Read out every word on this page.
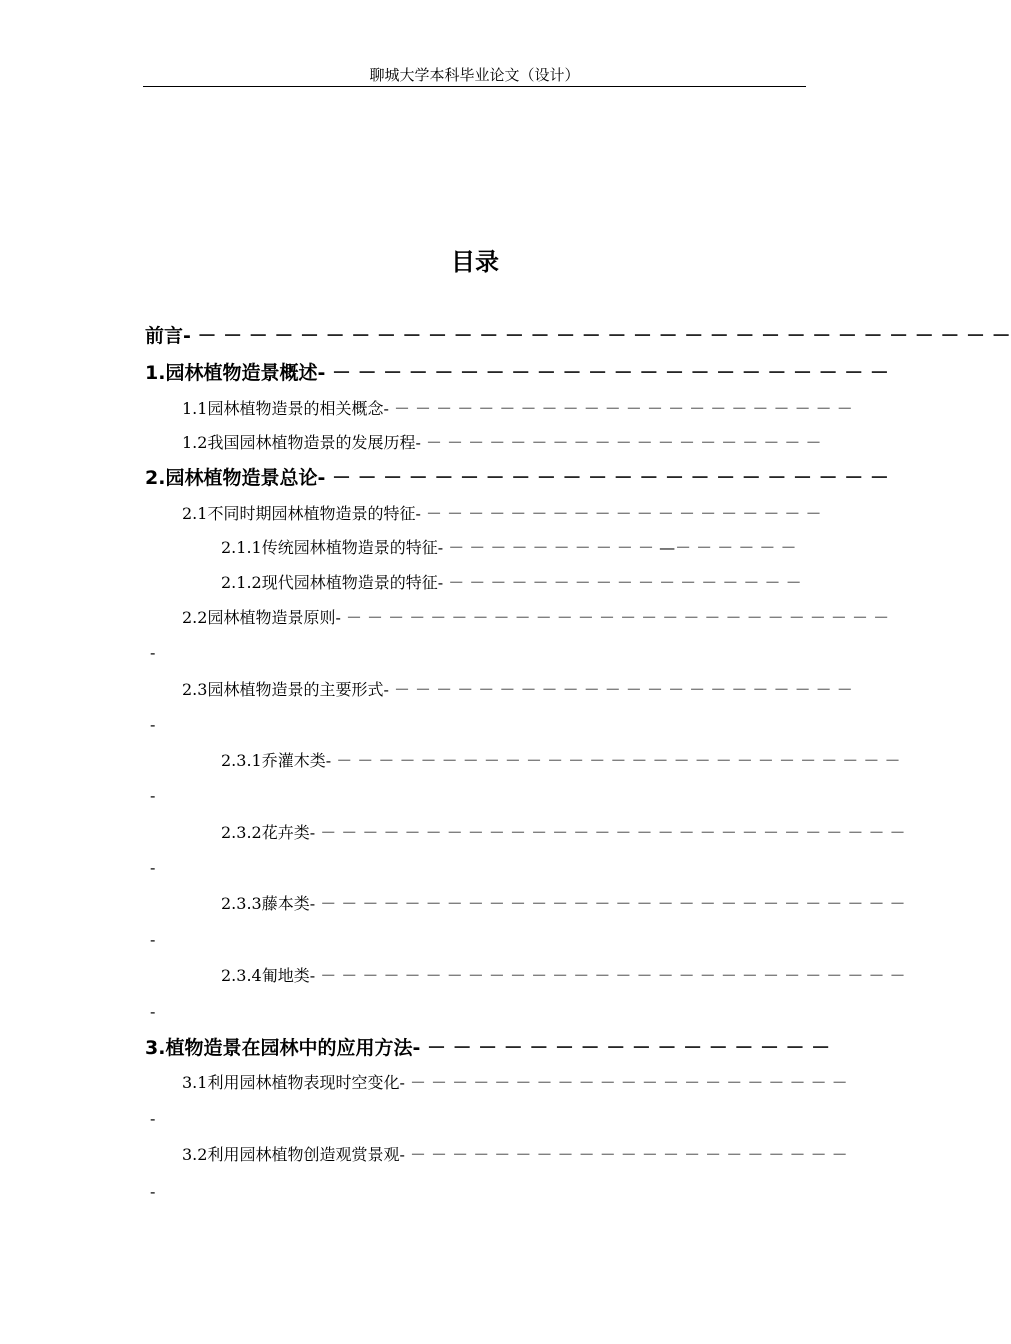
聊城大学本科毕业论文（设计）
目录
前言- － － － － － － － － － － － － － － － － － － － － － － － － － － － － － － － －
1.园林植物造景概述- － － － － － － － － － － － － － － － － － － － － － －
1.1园林植物造景的相关概念- － － － － － － － － － － － － － － － － － － － － － －
1.2我国园林植物造景的发展历程- － － － － － － － － － － － － － － － － － － －
2.园林植物造景总论- － － － － － － － － － － － － － － － － － － － － － －
2.1不同时期园林植物造景的特征- － － － － － － － － － － － － － － － － － － －
2.1.1传统园林植物造景的特征- － － － － － － － － － － —－ － － － － －
2.1.2现代园林植物造景的特征- － － － － － － － － － － － － － － － － －
2.2园林植物造景原则- － － － － － － － － － － － － － － － － － － － － － － － － － －
-
2.3园林植物造景的主要形式- － － － － － － － － － － － － － － － － － － － － － －
-
2.3.1乔灌木类- － － － － － － － － － － － － － － － － － － － － － － － － － － －
-
2.3.2花卉类- － － － － － － － － － － － － － － － － － － － － － － － － － － － －
-
2.3.3藤本类- － － － － － － － － － － － － － － － － － － － － － － － － － － － －
-
2.3.4匍地类- － － － － － － － － － － － － － － － － － － － － － － － － － － － －
-
3.植物造景在园林中的应用方法- － － － － － － － － － － － － － － － －
3.1利用园林植物表现时空变化- － － － － － － － － － － － － － － － － － － － － －
-
3.2利用园林植物创造观赏景观- － － － － － － － － － － － － － － － － － － － － －
-
